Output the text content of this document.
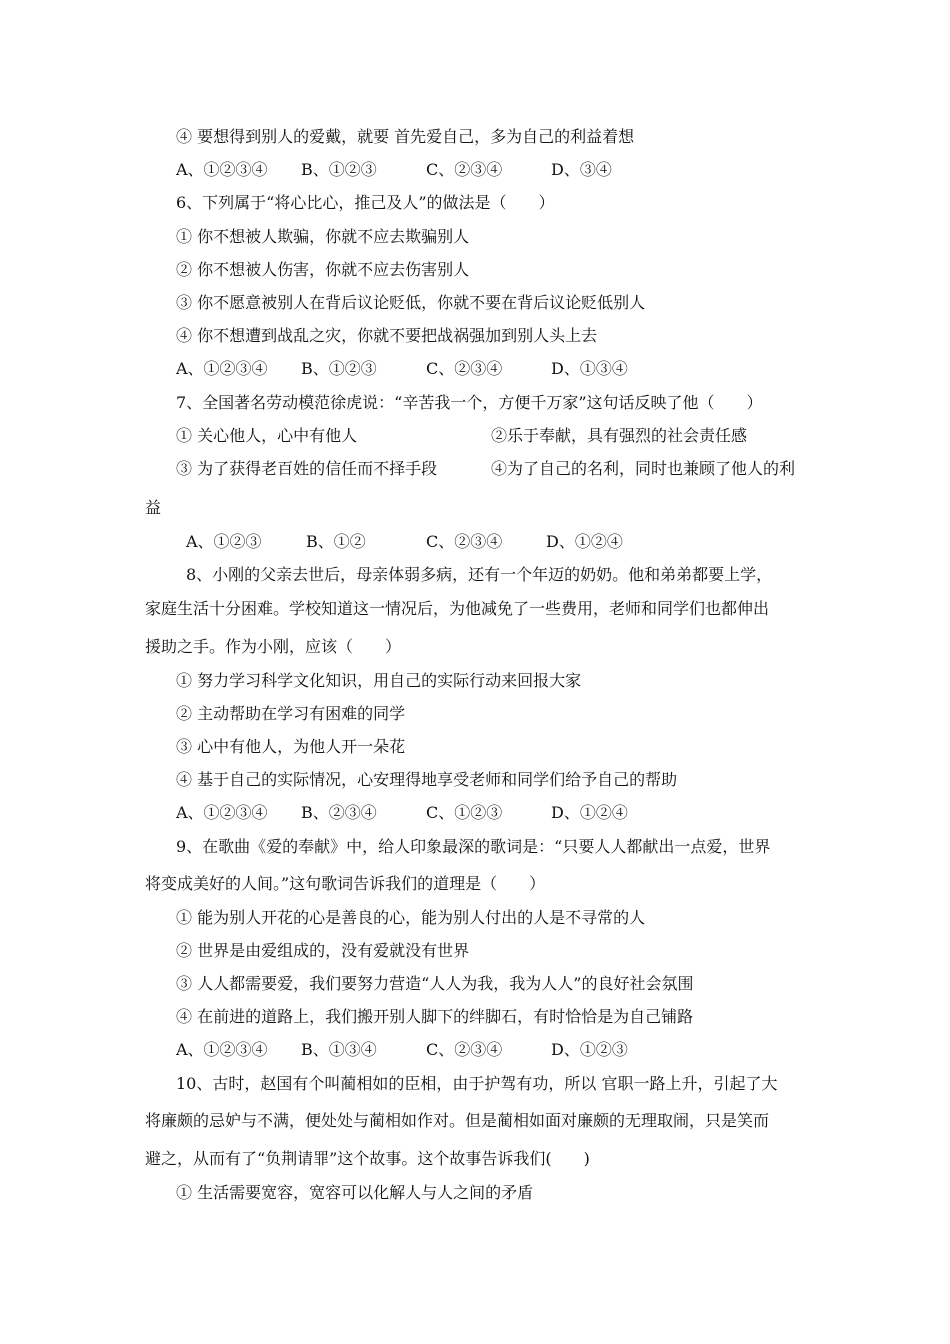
④ 要想得到别人的爱戴，就要 首先爱自己，多为自己的利益着想
A、①②③④ B、①②③	C、②③④	D、③④
6、下列属于“将心比心，推己及人”的做法是（　　）
① 你不想被人欺骗，你就不应去欺骗别人
② 你不想被人伤害，你就不应去伤害别人
③ 你不愿意被别人在背后议论贬低，你就不要在背后议论贬低别人
④ 你不想遭到战乱之灾，你就不要把战祸强加到别人头上去
A、①②③④ B、①②③	C、②③④	D、①③④
7、全国著名劳动模范徐虎说：“辛苦我一个，方便千万家”这句话反映了他（　　）
① 关心他人，心中有他人	②乐于奉献，具有强烈的社会责任感
③ 为了获得老百姓的信任而不择手段	④为了自己的名利，同时也兼顾了他人的利
益
A、①②③	B、①②	C、②③④	D、①②④
8、小刚的父亲去世后，母亲体弱多病，还有一个年迈的奶奶。他和弟弟都要上学，
家庭生活十分困难。学校知道这一情况后，为他减免了一些费用，老师和同学们也都伸出
援助之手。作为小刚，应该（　　）
① 努力学习科学文化知识，用自己的实际行动来回报大家
② 主动帮助在学习有困难的同学
③ 心中有他人，为他人开一朵花
④ 基于自己的实际情况，心安理得地享受老师和同学们给予自己的帮助
A、①②③④ B、②③④	C、①②③	D、①②④
9、在歌曲《爱的奉献》中，给人印象最深的歌词是：“只要人人都献出一点爱，世界
将变成美好的人间。”这句歌词告诉我们的道理是（　　）
① 能为别人开花的心是善良的心，能为别人付出的人是不寻常的人
② 世界是由爱组成的，没有爱就没有世界
③ 人人都需要爱，我们要努力营造“人人为我，我为人人”的良好社会氛围
④ 在前进的道路上，我们搬开别人脚下的绊脚石，有时恰恰是为自己铺路
A、①②③④ B、①③④	C、②③④	D、①②③
10、古时，赵国有个叫蔺相如的臣相，由于护驾有功，所以 官职一路上升，引起了大
将廉颇的忌妒与不满，便处处与蔺相如作对。但是蔺相如面对廉颇的无理取闹，只是笑而
避之，从而有了“负荆请罪”这个故事。这个故事告诉我们(　　)
① 生活需要宽容，宽容可以化解人与人之间的矛盾
